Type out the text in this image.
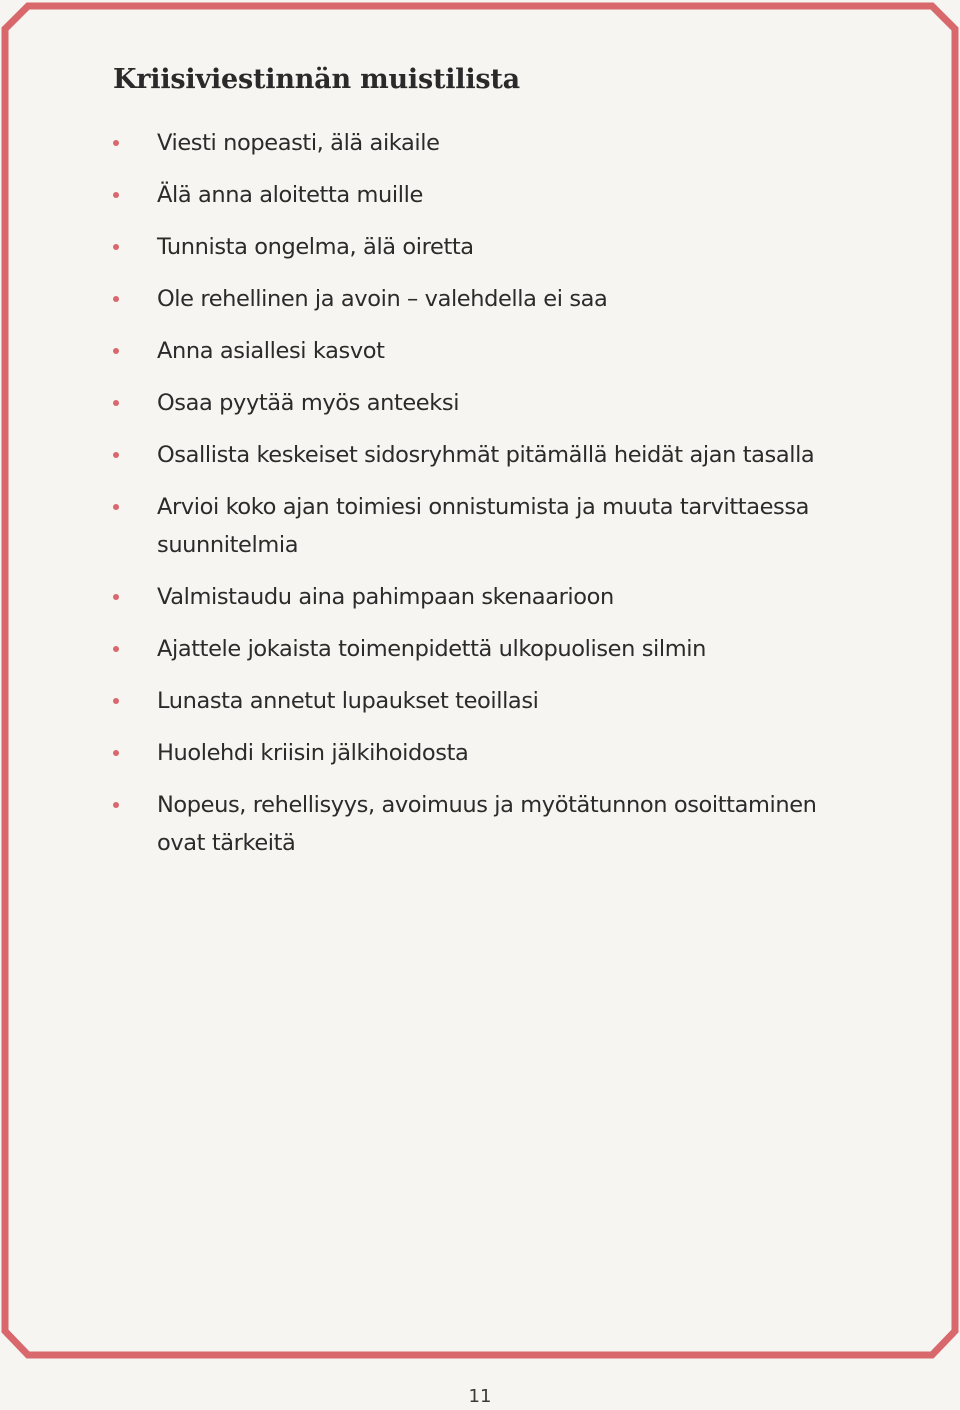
Kriisiviestinnän muistilista
Viesti nopeasti, älä aikaile
Älä anna aloitetta muille
Tunnista ongelma, älä oiretta
Ole rehellinen ja avoin – valehdella ei saa
Anna asiallesi kasvot
Osaa pyytää myös anteeksi
Osallista keskeiset sidosryhmät pitämällä heidät ajan tasalla
Arvioi koko ajan toimiesi onnistumista ja muuta tarvittaessa suunnitelmia
Valmistaudu aina pahimpaan skenaarioon
Ajattele jokaista toimenpidettä ulkopuolisen silmin
Lunasta annetut lupaukset teoillasi
Huolehdi kriisin jälkihoidosta
Nopeus, rehellisyys, avoimuus ja myötätunnon osoittaminen ovat tärkeitä
11
